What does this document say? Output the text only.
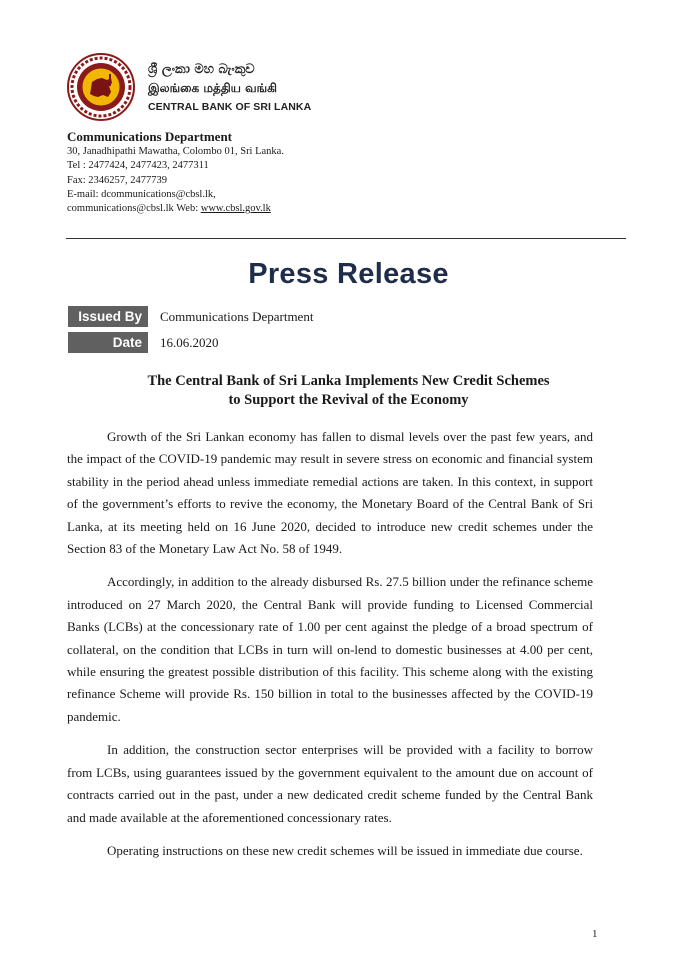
ශ්‍රී ලංකා මහ බැංකුව
இலங்கை மத்திய வங்கி
CENTRAL BANK OF SRI LANKA
Communications Department
30, Janadhipathi Mawatha, Colombo 01, Sri Lanka.
Tel : 2477424, 2477423, 2477311
Fax: 2346257, 2477739
E-mail: dcommunications@cbsl.lk,
communications@cbsl.lk Web: www.cbsl.gov.lk
Press Release
Issued By	Communications Department
Date	16.06.2020
The Central Bank of Sri Lanka Implements New Credit Schemes
to Support the Revival of the Economy

Growth of the Sri Lankan economy has fallen to dismal levels over the past few years, and the impact of the COVID-19 pandemic may result in severe stress on economic and financial system stability in the period ahead unless immediate remedial actions are taken. In this context, in support of the government’s efforts to revive the economy, the Monetary Board of the Central Bank of Sri Lanka, at its meeting held on 16 June 2020, decided to introduce new credit schemes under the Section 83 of the Monetary Law Act No. 58 of 1949.

Accordingly, in addition to the already disbursed Rs. 27.5 billion under the refinance scheme introduced on 27 March 2020, the Central Bank will provide funding to Licensed Commercial Banks (LCBs) at the concessionary rate of 1.00 per cent against the pledge of a broad spectrum of collateral, on the condition that LCBs in turn will on-lend to domestic businesses at 4.00 per cent, while ensuring the greatest possible distribution of this facility. This scheme along with the existing refinance Scheme will provide Rs. 150 billion in total to the businesses affected by the COVID-19 pandemic.

In addition, the construction sector enterprises will be provided with a facility to borrow from LCBs, using guarantees issued by the government equivalent to the amount due on account of contracts carried out in the past, under a new dedicated credit scheme funded by the Central Bank and made available at the aforementioned concessionary rates.

Operating instructions on these new credit schemes will be issued in immediate due course.

1
